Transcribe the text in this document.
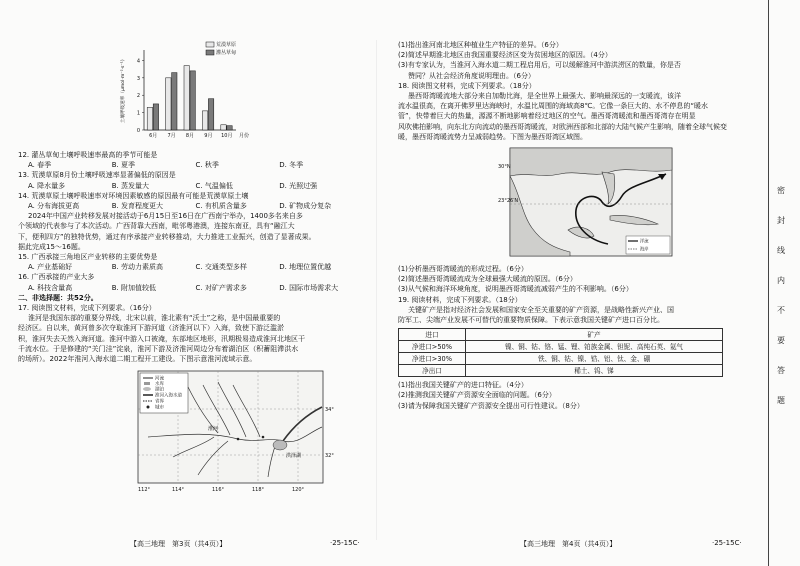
0
1
2
3
4
土壤呼吸速率（μmol·m⁻²·s⁻¹）
6月 7月 8月 9月 10月 月份
荒漠草原
灌丛草甸
12. 灌丛草甸土壤呼吸速率最高的季节可能是
A. 春季	B. 夏季	C. 秋季	D. 冬季
13. 荒漠草原8月份土壤呼吸速率显著偏低的原因是
A. 降水量多	B. 蒸发量大	C. 气温偏低	D. 光照过强
14. 荒漠草原土壤呼吸速率对环境因素敏感的原因最有可能是荒漠草原土壤
A. 分布海拔更高	B. 发育程度更大	C. 有机质含量多	D. 矿物成分复杂
2024年中国产业转移发展对接活动于6月15日至16日在广西南宁举办，1400多名来自多
个领域的代表参与了本次活动。广西背靠大西南，毗邻粤港澳，连接东南亚，具有“融江大
下，便利四方”的独特优势，通过有序承接产业转移推动，大力推进工业振兴，创造了显著成果。
据此完成15～16题。
15. 广西承接三角地区产业转移的主要优势是
A. 产业基础好	B. 劳动力素质高	C. 交通类型多样	D. 地理位置优越
16. 广西承接的产业大多
A. 科技含量高	B. 附加值较低	C. 对矿产需求多	D. 国际市场需求大
二、非选择题：共52分。
17. 阅读图文材料，完成下列要求。（16分）
淮河是我国东部的重要分界线，北宋以前，淮北素有“沃土”之称，是中国最重要的
经济区。自以来，黄河曾多次夺取淮河下游河道（济淮河以下）入海，致使下游泛滥淤
积，淮河失去天然入海河道。淮河中游入口被淹，东部地区地形，汛期极易造成淮河北地区干
千流水位。于是修建的“关门洼”淀泉，淮河下游及济淮河周边分布着湖泊区（积蓄阻滞洪水
的场所）。2022年淮河入海水道二期工程开工建设。下图示意淮河流域示意。
河流
水库
湖泊
淮河入海水道
省界
城市
洪泽湖
淮河
112°	114°	116°	118°	120°
34°
32°
(1)指出淮河南北地区种植业生产特征的差异。（6分）
(2)简述早期淮北地区由我国重要经济区变为贫困地区的原因。（4分）
(3)有专家认为，当淮河入海水道二期工程启用后，可以缓解淮河中游洪涝区的数量，你是否
赞同？从社会经济角度说明理由。（6分）
18. 阅读图文材料，完成下列要求。（18分）
墨西哥湾暖流地大部分来自加勒比海，是全世界上最强大、影响最深远的一支暖流，该洋
流水温很高，在离开佛罗里达海峡时，水温比周围的海域高8℃。它像一条巨大的、水不停息的“暖水
管”，快带着巨大的热量，源源不断地影响着经过地区的空气。墨西哥湾暖流和墨西哥湾存在明显
风吹佛拍影响，向东北方向流动的墨西哥湾暖流，对欧洲西部和北部的大陆气候产生影响，随着全球气候变
暖，墨西哥湾暖流势力呈减弱趋势。下图为墨西哥湾区域图。
30°N
23°26′N
洋流
海岸
(1)分析墨西哥湾暖流的形成过程。（6分）
(2)简述墨西哥湾暖流成为全球最强大暖流的原因。（6分）
(3)从气候和海洋环境角度，说明墨西哥湾暖流减弱产生的不利影响。（6分）
19. 阅读材料，完成下列要求。（18分）
关键矿产是指对经济社会发展和国家安全至关重要的矿产资源，是战略性新兴产业、国
防军工、尖端产业发展不可替代的重要物质保障。下表示意我国关键矿产进口百分比。
进口	矿产
净进口>50%	镍、铜、钴、铬、锰、锂、铂族金属、钽铌、高纯石英、氦气
净进口>30%	铁、铜、钴、镍、锆、铝、钛、金、硼
净出口	稀土、钨、锑
(1)指出我国关键矿产的进口特征。（4分）
(2)推测我国关键矿产资源安全面临的问题。（6分）
(3)请为保障我国关键矿产资源安全提出可行性建议。（8分）
【高三地理　第3页（共4页）】	·25-15C·	【高三地理　第4页（共4页）】	·25-15C·
密
封
线
内
不
要
答
题
